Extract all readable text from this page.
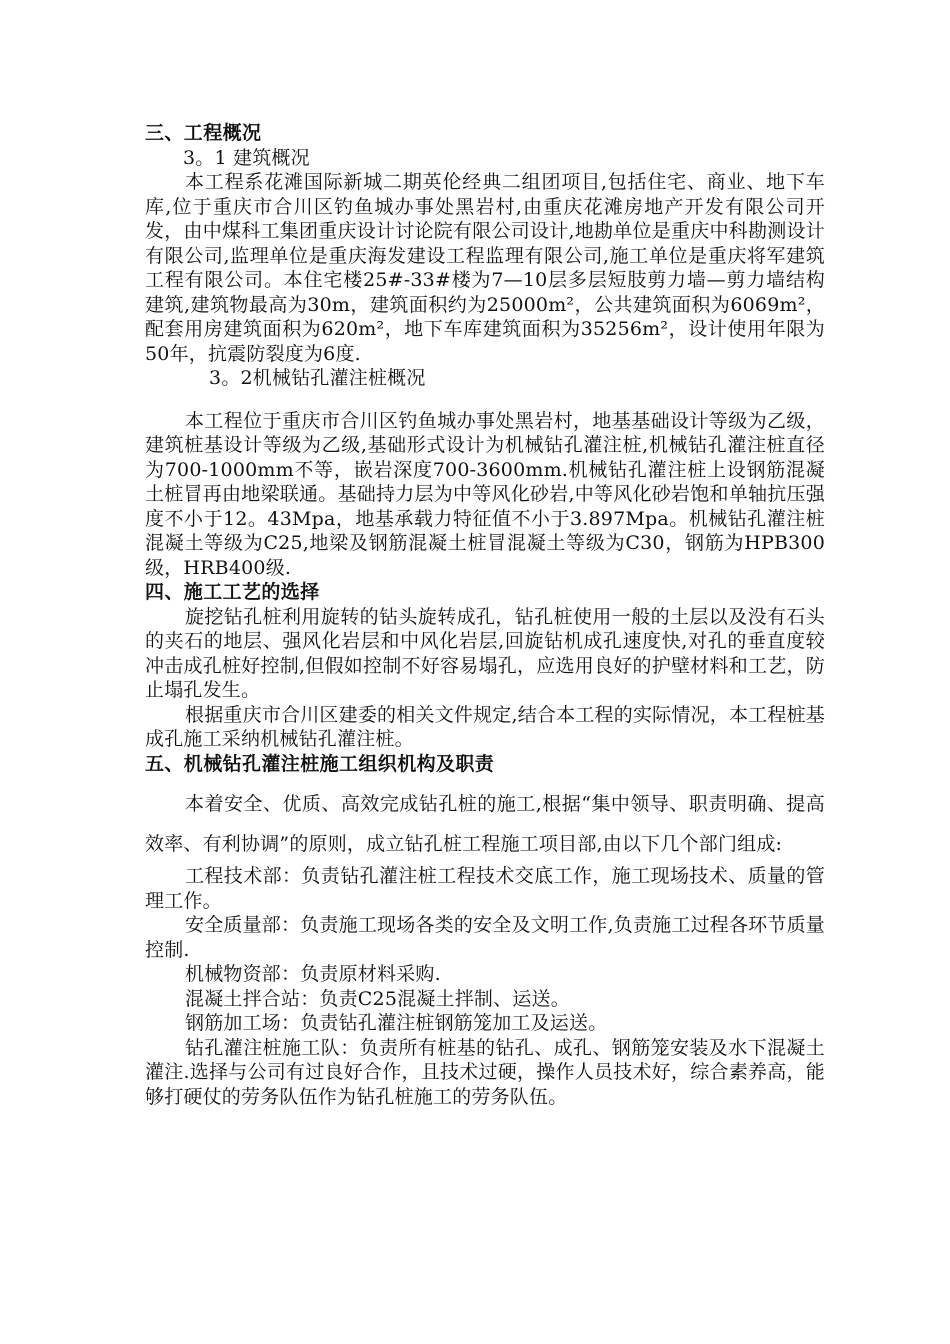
三、工程概况

3。1 建筑概况

本工程系花滩国际新城二期英伦经典二组团项目,包括住宅、商业、地下车库,位于重庆市合川区钓鱼城办事处黑岩村,由重庆花滩房地产开发有限公司开发，由中煤科工集团重庆设计讨论院有限公司设计,地勘单位是重庆中科勘测设计有限公司,监理单位是重庆海发建设工程监理有限公司,施工单位是重庆将军建筑工程有限公司。本住宅楼25#-33#楼为7—10层多层短肢剪力墙—剪力墙结构建筑,建筑物最高为30m，建筑面积约为25000m²，公共建筑面积为6069m²，配套用房建筑面积为620m²，地下车库建筑面积为35256m²，设计使用年限为50年，抗震防裂度为6度.

3。2机械钻孔灌注桩概况

本工程位于重庆市合川区钓鱼城办事处黑岩村，地基基础设计等级为乙级，建筑桩基设计等级为乙级,基础形式设计为机械钻孔灌注桩,机械钻孔灌注桩直径为700-1000mm不等，嵌岩深度700-3600mm.机械钻孔灌注桩上设钢筋混凝土桩冒再由地梁联通。基础持力层为中等风化砂岩,中等风化砂岩饱和单轴抗压强度不小于12。43Mpa，地基承载力特征值不小于3.897Mpa。机械钻孔灌注桩混凝土等级为C25,地梁及钢筋混凝土桩冒混凝土等级为C30，钢筋为HPB300级，HRB400级.

四、施工工艺的选择

旋挖钻孔桩利用旋转的钻头旋转成孔，钻孔桩使用一般的土层以及没有石头的夹石的地层、强风化岩层和中风化岩层,回旋钻机成孔速度快,对孔的垂直度较冲击成孔桩好控制,但假如控制不好容易塌孔，应选用良好的护壁材料和工艺，防止塌孔发生。

根据重庆市合川区建委的相关文件规定,结合本工程的实际情况，本工程桩基成孔施工采纳机械钻孔灌注桩。

五、机械钻孔灌注桩施工组织机构及职责

本着安全、优质、高效完成钻孔桩的施工,根据“集中领导、职责明确、提高效率、有利协调”的原则，成立钻孔桩工程施工项目部,由以下几个部门组成:

工程技术部：负责钻孔灌注桩工程技术交底工作，施工现场技术、质量的管理工作。

安全质量部：负责施工现场各类的安全及文明工作,负责施工过程各环节质量控制.

机械物资部：负责原材料采购.

混凝土拌合站：负责C25混凝土拌制、运送。

钢筋加工场：负责钻孔灌注桩钢筋笼加工及运送。

钻孔灌注桩施工队：负责所有桩基的钻孔、成孔、钢筋笼安装及水下混凝土灌注.选择与公司有过良好合作，且技术过硬，操作人员技术好，综合素养高，能够打硬仗的劳务队伍作为钻孔桩施工的劳务队伍。
